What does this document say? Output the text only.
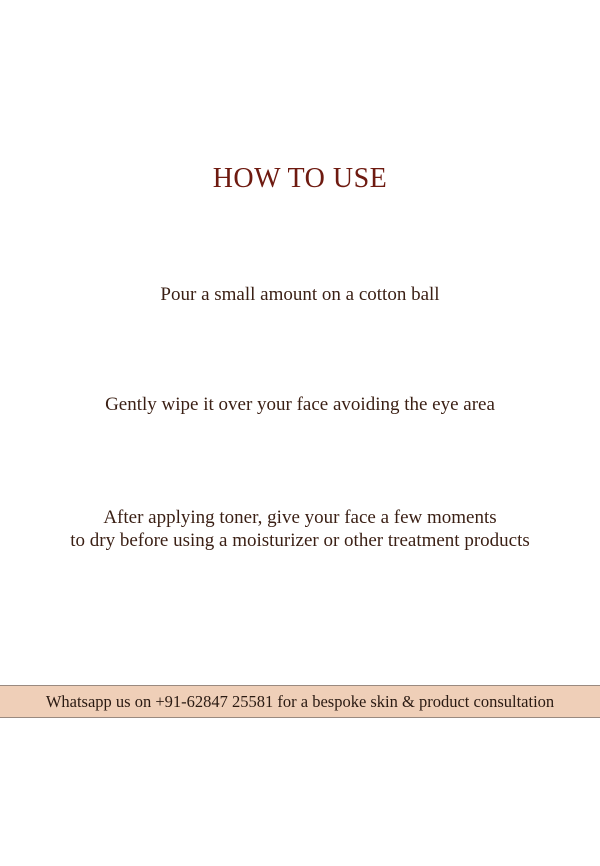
HOW TO USE

Pour a small amount on a cotton ball

Gently wipe it over your face avoiding the eye area

After applying toner, give your face a few moments
to dry before using a moisturizer or other treatment products

Whatsapp us on +91-62847 25581 for a bespoke skin & product consultation
